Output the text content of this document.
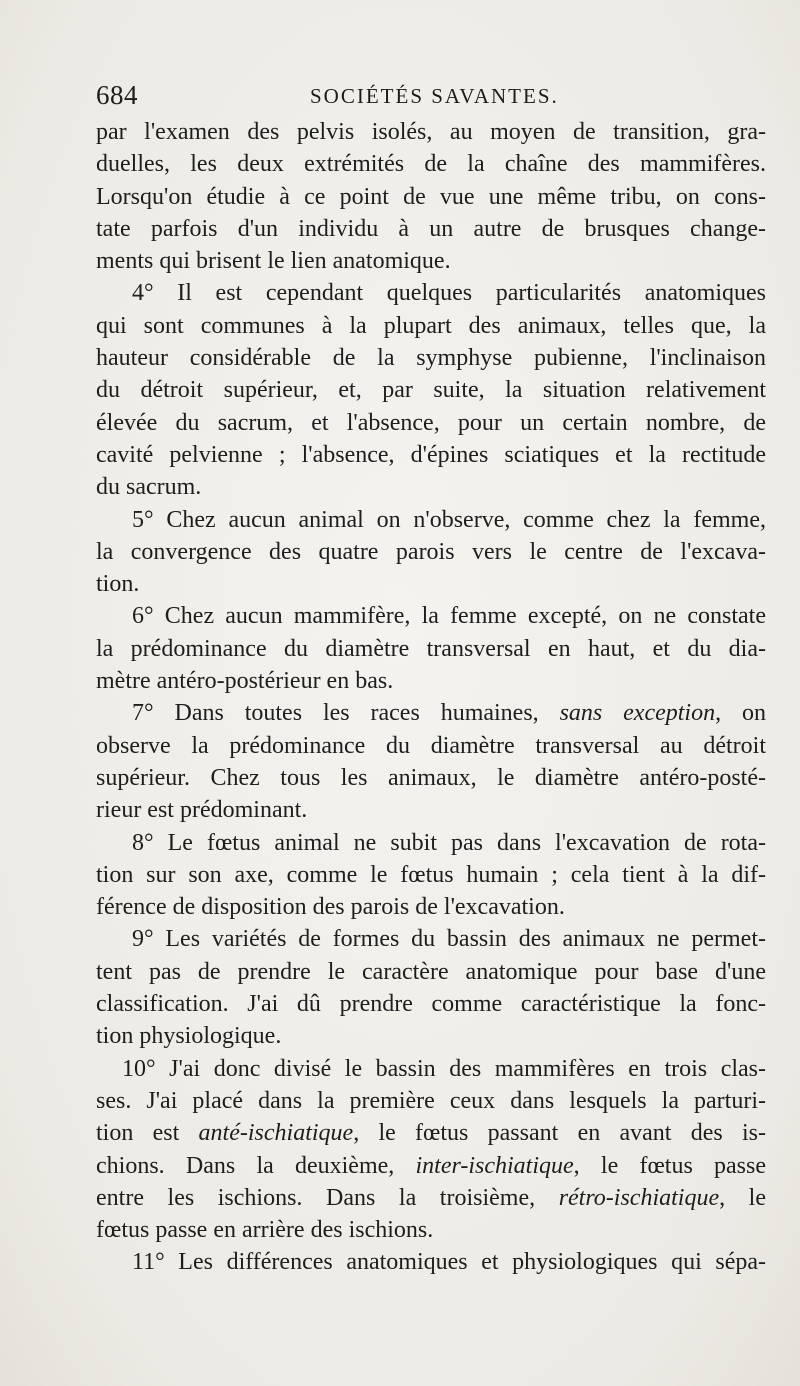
684	SOCIÉTÉS SAVANTES.
par l'examen des pelvis isolés, au moyen de transition, gra-
duelles, les deux extrémités de la chaîne des mammifères.
Lorsqu'on étudie à ce point de vue une même tribu, on cons-
tate parfois d'un individu à un autre de brusques change-
ments qui brisent le lien anatomique.
4° Il est cependant quelques particularités anatomiques
qui sont communes à la plupart des animaux, telles que, la
hauteur considérable de la symphyse pubienne, l'inclinaison
du détroit supérieur, et, par suite, la situation relativement
élevée du sacrum, et l'absence, pour un certain nombre, de
cavité pelvienne ; l'absence, d'épines sciatiques et la rectitude
du sacrum.
5° Chez aucun animal on n'observe, comme chez la femme,
la convergence des quatre parois vers le centre de l'excava-
tion.
6° Chez aucun mammifère, la femme excepté, on ne constate
la prédominance du diamètre transversal en haut, et du dia-
mètre antéro-postérieur en bas.
7° Dans toutes les races humaines, sans exception, on
observe la prédominance du diamètre transversal au détroit
supérieur. Chez tous les animaux, le diamètre antéro-posté-
rieur est prédominant.
8° Le fœtus animal ne subit pas dans l'excavation de rota-
tion sur son axe, comme le fœtus humain ; cela tient à la dif-
férence de disposition des parois de l'excavation.
9° Les variétés de formes du bassin des animaux ne permet-
tent pas de prendre le caractère anatomique pour base d'une
classification. J'ai dû prendre comme caractéristique la fonc-
tion physiologique.
10° J'ai donc divisé le bassin des mammifères en trois clas-
ses. J'ai placé dans la première ceux dans lesquels la parturi-
tion est anté-ischiatique, le fœtus passant en avant des is-
chions. Dans la deuxième, inter-ischiatique, le fœtus passe
entre les ischions. Dans la troisième, rétro-ischiatique, le
fœtus passe en arrière des ischions.
11° Les différences anatomiques et physiologiques qui sépa-
